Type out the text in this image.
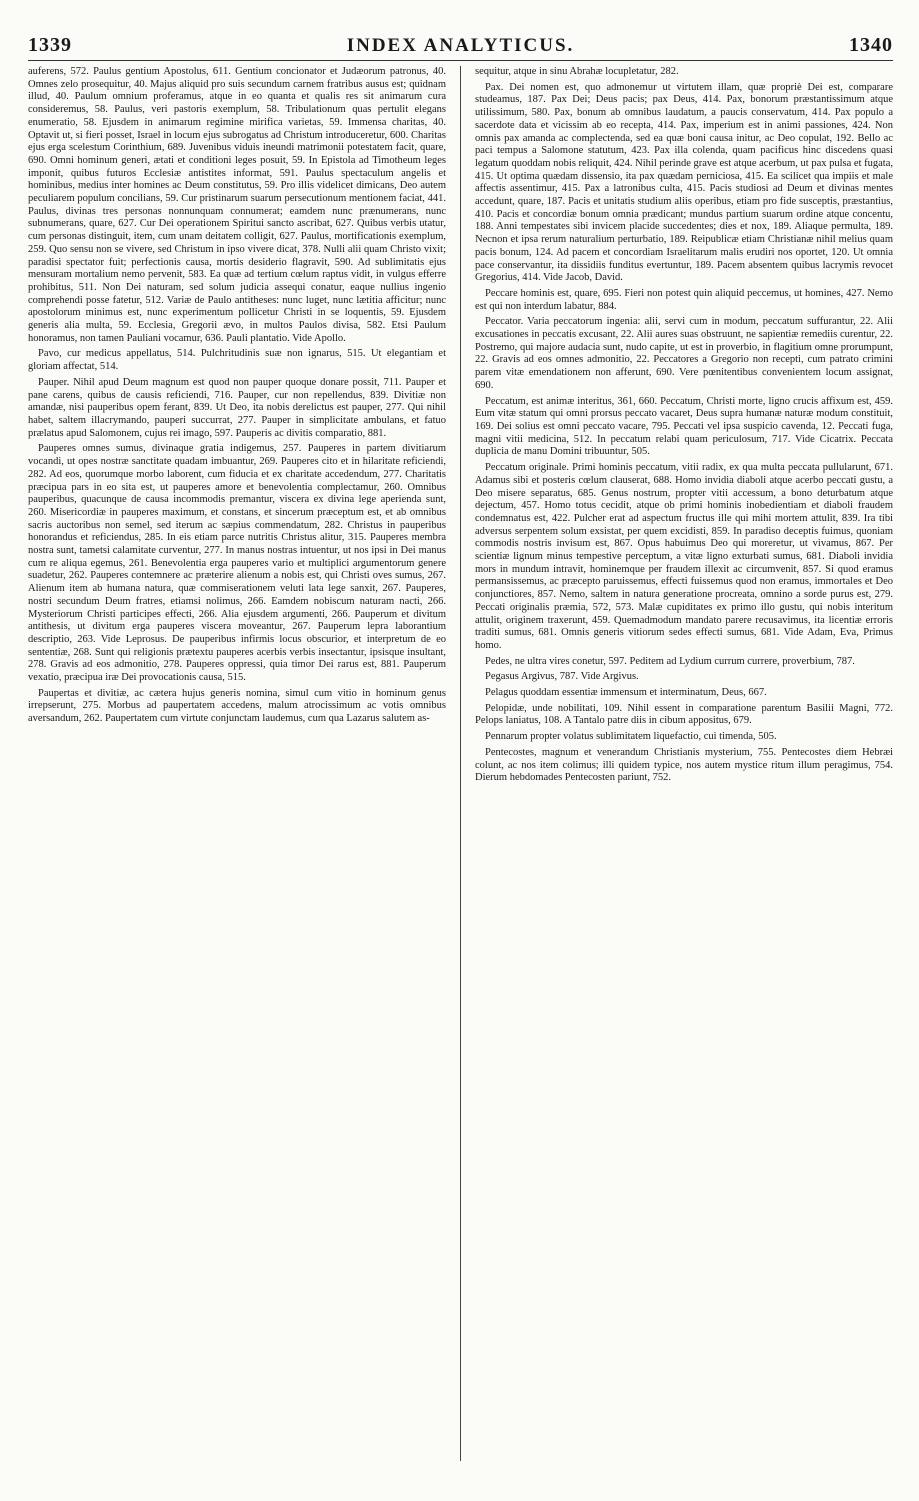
1339	INDEX ANALYTICUS.	1340

auferens, 572. Paulus gentium Apostolus, 611. Gentium concionator et Judæorum patronus, 40. Omnes zelo prosequitur, 40. Majus aliquid pro suis secundum carnem fratribus ausus est; quidnam illud, 40. Paulum omnium proferamus, atque in eo quanta et qualis res sit animarum cura consideremus, 58. Paulus, veri pastoris exemplum, 58. Tribulationum quas pertulit elegans enumeratio, 58. Ejusdem in animarum regimine mirifica varietas, 59. Immensa charitas, 40. Optavit ut, si fieri posset, Israel in locum ejus subrogatus ad Christum introduceretur, 600. Charitas ejus erga scelestum Corinthium, 689. Juvenibus viduis ineundi matrimonii potestatem facit, quare, 690. Omni hominum generi, ætati et conditioni leges posuit, 59. In Epistola ad Timotheum leges imponit, quibus futuros Ecclesiæ antistites informat, 591. Paulus spectaculum angelis et hominibus, medius inter homines ac Deum constitutus, 59. Pro illis videlicet dimicans, Deo autem peculiarem populum concilians, 59. Cur pristinarum suarum persecutionum mentionem faciat, 441. Paulus, divinas tres personas nonnunquam connumerat; eamdem nunc prænumerans, nunc subnumerans, quare, 627. Cur Dei operationem Spiritui sancto ascribat, 627. Quibus verbis utatur, cum personas distinguit, item, cum unam deitatem colligit, 627. Paulus, mortificationis exemplum, 259. Quo sensu non se vivere, sed Christum in ipso vivere dicat, 378. Nulli alii quam Christo vixit; paradisi spectator fuit; perfectionis causa, mortis desiderio flagravit, 590. Ad sublimitatis ejus mensuram mortalium nemo pervenit, 583. Ea quæ ad tertium cœlum raptus vidit, in vulgus efferre prohibitus, 511. Non Dei naturam, sed solum judicia assequi conatur, eaque nullius ingenio comprehendi posse fatetur, 512. Variæ de Paulo antitheses: nunc luget, nunc lætitia afficitur; nunc apostolorum minimus est, nunc experimentum pollicetur Christi in se loquentis, 59. Ejusdem generis alia multa, 59. Ecclesia, Gregorii ævo, in multos Paulos divisa, 582. Etsi Paulum honoramus, non tamen Pauliani vocamur, 636. Pauli plantatio. Vide Apollo.

Pavo, cur medicus appellatus, 514. Pulchritudinis suæ non ignarus, 515. Ut elegantiam et gloriam affectat, 514.

Pauper. Nihil apud Deum magnum est quod non pauper quoque donare possit, 711. Pauper et pane carens, quibus de causis reficiendi, 716. Pauper, cur non repellendus, 839. Divitiæ non amandæ, nisi pauperibus opem ferant, 839. Ut Deo, ita nobis derelictus est pauper, 277. Qui nihil habet, saltem illacrymando, pauperi succurrat, 277. Pauper in simplicitate ambulans, et fatuo prælatus apud Salomonem, cujus rei imago, 597. Pauperis ac divitis comparatio, 881.

Pauperes omnes sumus, divinaque gratia indigemus, 257. Pauperes in partem divitiarum vocandi, ut opes nostræ sanctitate quadam imbuantur, 269. Pauperes cito et in hilaritate reficiendi, 282. Ad eos, quorumque morbo laborent, cum fiducia et ex charitate accedendum, 277. Charitatis præcipua pars in eo sita est, ut pauperes amore et benevolentia complectamur, 260. Omnibus pauperibus, quacunque de causa incommodis premantur, viscera ex divina lege aperienda sunt, 260. Misericordiæ in pauperes maximum, et constans, et sincerum præceptum est, et ab omnibus sacris auctoribus non semel, sed iterum ac sæpius commendatum, 282. Christus in pauperibus honorandus et reficiendus, 285. In eis etiam parce nutritis Christus alitur, 315. Pauperes membra nostra sunt, tametsi calamitate curventur, 277. In manus nostras intuentur, ut nos ipsi in Dei manus cum re aliqua egemus, 261. Benevolentia erga pauperes vario et multiplici argumentorum genere suadetur, 262. Pauperes contemnere ac præterire alienum a nobis est, qui Christi oves sumus, 267. Alienum item ab humana natura, quæ commiserationem veluti lata lege sanxit, 267. Pauperes, nostri secundum Deum fratres, etiamsi nolimus, 266. Eamdem nobiscum naturam nacti, 266. Mysteriorum Christi participes effecti, 266. Alia ejusdem argumenti, 266. Pauperum et divitum antithesis, ut divitum erga pauperes viscera moveantur, 267. Pauperum lepra laborantium descriptio, 263. Vide Leprosus. De pauperibus infirmis locus obscurior, et interpretum de eo sententiæ, 268. Sunt qui religionis prætextu pauperes acerbis verbis insectantur, ipsisque insultant, 278. Gravis ad eos admonitio, 278. Pauperes oppressi, quia timor Dei rarus est, 881. Pauperum vexatio, præcipua iræ Dei provocationis causa, 515.

Paupertas et divitiæ, ac cætera hujus generis nomina, simul cum vitio in hominum genus irrepserunt, 275. Morbus ad paupertatem accedens, malum atrocissimum ac votis omnibus aversandum, 262. Paupertatem cum virtute conjunctam laudemus, cum qua Lazarus salutem as-

sequitur, atque in sinu Abrahæ locupletatur, 282.

Pax. Dei nomen est, quo admonemur ut virtutem illam, quæ propriè Dei est, comparare studeamus, 187. Pax Dei; Deus pacis; pax Deus, 414. Pax, bonorum præstantissimum atque utilissimum, 580. Pax, bonum ab omnibus laudatum, a paucis conservatum, 414. Pax populo a sacerdote data et vicissim ab eo recepta, 414. Pax, imperium est in animi passiones, 424. Non omnis pax amanda ac complectenda, sed ea quæ boni causa initur, ac Deo copulat, 192. Bello ac paci tempus a Salomone statutum, 423. Pax illa colenda, quam pacificus hinc discedens quasi legatum quoddam nobis reliquit, 424. Nihil perinde grave est atque acerbum, ut pax pulsa et fugata, 415. Ut optima quædam dissensio, ita pax quædam perniciosa, 415. Ea scilicet qua impiis et male affectis assentimur, 415. Pax a latronibus culta, 415. Pacis studiosi ad Deum et divinas mentes accedunt, quare, 187. Pacis et unitatis studium aliis operibus, etiam pro fide susceptis, præstantius, 410. Pacis et concordiæ bonum omnia prædicant; mundus partium suarum ordine atque concentu, 188. Anni tempestates sibi invicem placide succedentes; dies et nox, 189. Aliaque permulta, 189. Necnon et ipsa rerum naturalium perturbatio, 189. Reipublicæ etiam Christianæ nihil melius quam pacis bonum, 124. Ad pacem et concordiam Israelitarum malis erudiri nos oportet, 120. Ut omnia pace conservantur, ita dissidiis funditus evertuntur, 189. Pacem absentem quibus lacrymis revocet Gregorius, 414. Vide Jacob, David.

Peccare hominis est, quare, 695. Fieri non potest quin aliquid peccemus, ut homines, 427. Nemo est qui non interdum labatur, 884.

Peccator. Varia peccatorum ingenia: alii, servi cum in modum, peccatum suffurantur, 22. Alii excusationes in peccatis excusant, 22. Alii aures suas obstruunt, ne sapientiæ remediis curentur, 22. Postremo, qui majore audacia sunt, nudo capite, ut est in proverbio, in flagitium omne prorumpunt, 22. Gravis ad eos omnes admonitio, 22. Peccatores a Gregorio non recepti, cum patrato crimini parem vitæ emendationem non afferunt, 690. Vere pœnitentibus convenientem locum assignat, 690.

Peccatum, est animæ interitus, 361, 660. Peccatum, Christi morte, ligno crucis affixum est, 459. Eum vitæ statum qui omni prorsus peccato vacaret, Deus supra humanæ naturæ modum constituit, 169. Dei solius est omni peccato vacare, 795. Peccati vel ipsa suspicio cavenda, 12. Peccati fuga, magni vitii medicina, 512. In peccatum relabi quam periculosum, 717. Vide Cicatrix. Peccata duplicia de manu Domini tribuuntur, 505.

Peccatum originale. Primi hominis peccatum, vitii radix, ex qua multa peccata pullularunt, 671. Adamus sibi et posteris cœlum clauserat, 688. Homo invidia diaboli atque acerbo peccati gustu, a Deo misere separatus, 685. Genus nostrum, propter vitii accessum, a bono deturbatum atque dejectum, 457. Homo totus cecidit, atque ob primi hominis inobedientiam et diaboli fraudem condemnatus est, 422. Pulcher erat ad aspectum fructus ille qui mihi mortem attulit, 839. Ira tibi adversus serpentem solum exsistat, per quem excidisti, 859. In paradiso deceptis fuimus, quoniam commodis nostris invisum est, 867. Opus habuimus Deo qui moreretur, ut vivamus, 867. Per scientiæ lignum minus tempestive perceptum, a vitæ ligno exturbati sumus, 681. Diaboli invidia mors in mundum intravit, hominemque per fraudem illexit ac circumvenit, 857. Si quod eramus permansissemus, ac præcepto paruissemus, effecti fuissemus quod non eramus, immortales et Deo conjunctiores, 857. Nemo, saltem in natura generatione procreata, omnino a sorde purus est, 279. Peccati originalis præmia, 572, 573. Malæ cupiditates ex primo illo gustu, qui nobis interitum attulit, originem traxerunt, 459. Quemadmodum mandato parere recusavimus, ita licentiæ erroris traditi sumus, 681. Omnis generis vitiorum sedes effecti sumus, 681. Vide Adam, Eva, Primus homo.

Pedes, ne ultra vires conetur, 597. Peditem ad Lydium currum currere, proverbium, 787.

Pegasus Argivus, 787. Vide Argivus.

Pelagus quoddam essentiæ immensum et interminatum, Deus, 667.

Pelopidæ, unde nobilitati, 109. Nihil essent in comparatione parentum Basilii Magni, 772. Pelops laniatus, 108. A Tantalo patre diis in cibum appositus, 679.

Pennarum propter volatus sublimitatem liquefactio, cui timenda, 505.

Pentecostes, magnum et venerandum Christianis mysterium, 755. Pentecostes diem Hebræi colunt, ac nos item colimus; illi quidem typice, nos autem mystice ritum illum peragimus, 754. Dierum hebdomades Pentecosten pariunt, 752.
